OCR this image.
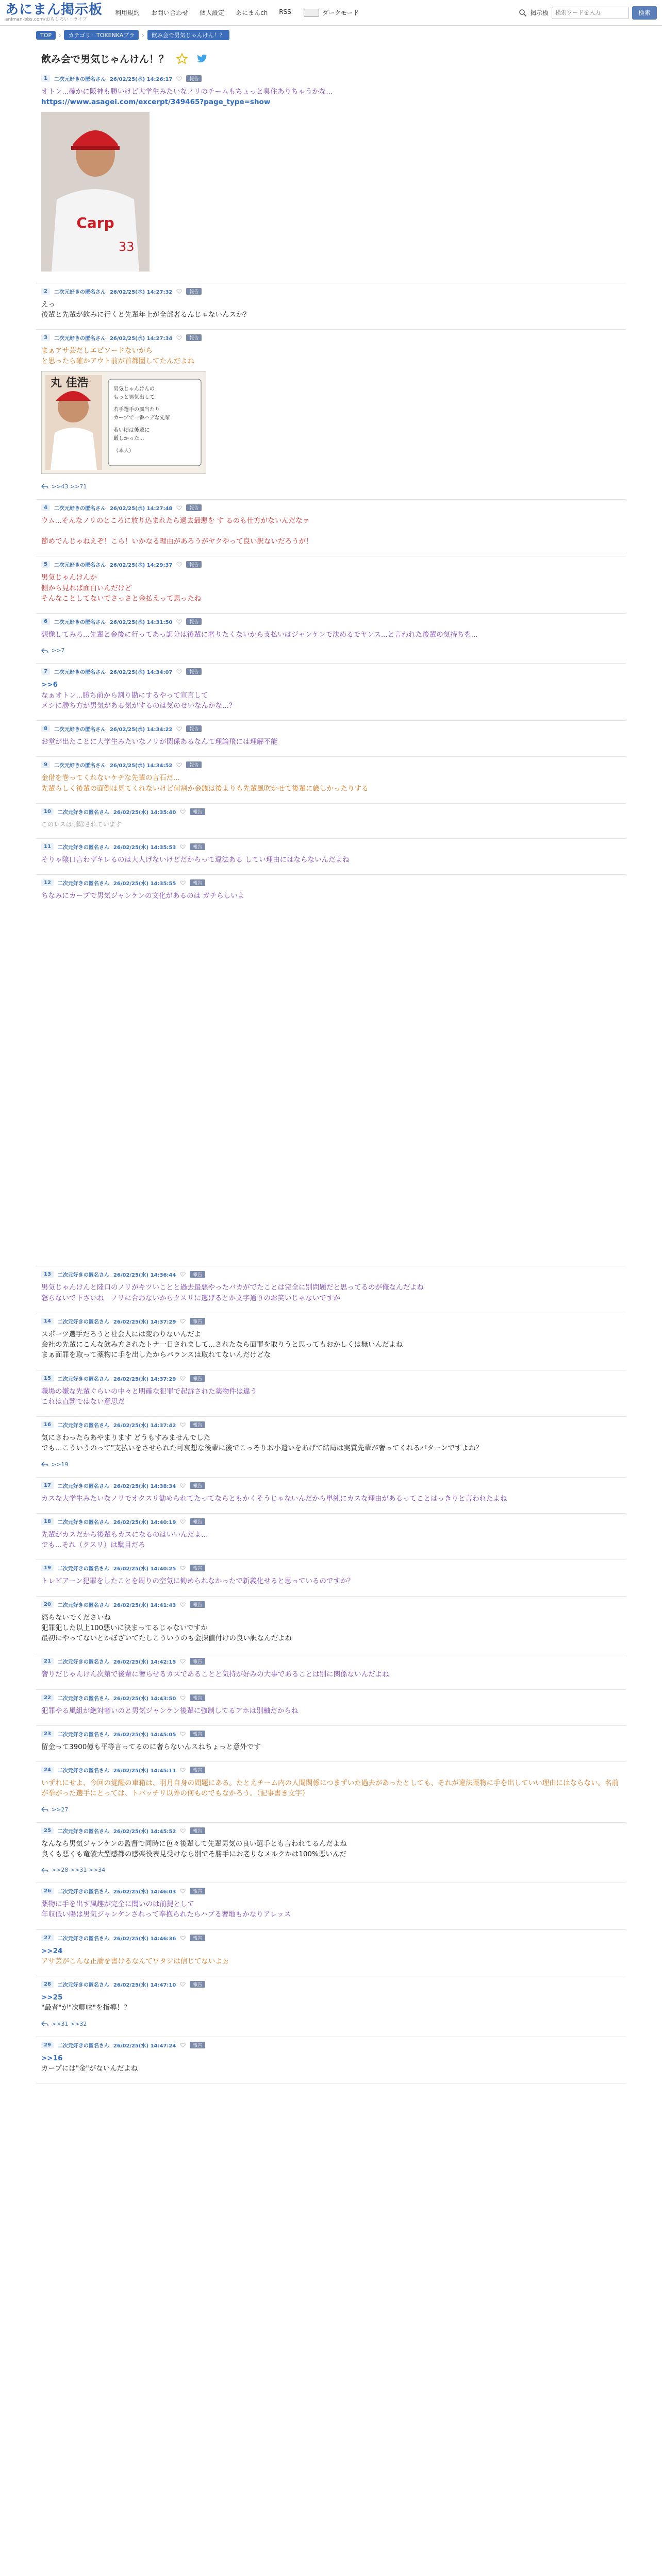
あにまん掲示板
animan-bbs.com/おもしろい・ライブ
利用規約 お問い合わせ 個人設定 あにまんch RSS	ダークモード	掲示板
検索ワードを入力	検索
TOP	›	カテゴリ：TOKENKAプラ	›	飲み会で男気じゃんけん！？
飲み会で男気じゃんけん！？
1	二次元好きの匿名さん 26/02/25(水) 14:26:17	報告
オトン...確かに阪神も勝いけど大学生みたいなノリのチームもちょっと臭住ありちゃうかな...
https://www.asagei.com/excerpt/349465?page_type=show
Carp
33
2	二次元好きの匿名さん 26/02/25(水) 14:27:32	報告
えっ
後輩と先輩が飲みに行くと先輩年上が全部奢るんじゃないんスか？
3	二次元好きの匿名さん 26/02/25(水) 14:27:34	報告
まぁアサ芸だしエピソードないから
と思ったら確かアウト前が首都圏してたんだよね
丸 佳浩	男気じゃんけんの
もっと男気出して！
若手選手の風当たり
カープで一番ハデな先輩
若い頃は後輩に
厳しかった...
（本人）
>>43 >>71
4	二次元好きの匿名さん 26/02/25(水) 14:27:48	報告
ウム...そんなノリのところに放り込まれたら過去最悪を す るのも仕方がないんだなァ

節めでんじゃねえぞ！こら！いかなる理由があろうがヤクやって良い訳ないだろうが！
5	二次元好きの匿名さん 26/02/25(水) 14:29:37	報告
男気じゃんけんか
側から見れば面白いんだけど
そんなことしてないでさっさと金払えって思ったね
6	二次元好きの匿名さん 26/02/25(水) 14:31:50	報告
想像してみろ...先輩と金後に行ってあっ訳分は後輩に奢りたくないから支払いはジャンケンで決めるでヤンス...と言われた後輩の気持ちを...
>>7
7	二次元好きの匿名さん 26/02/25(水) 14:34:07	報告
>>6
なぁオトン...勝ち前から割り勘にするやって宣言して
メシに勝ち方が男気がある気がするのは気のせいなんかな...？
8	二次元好きの匿名さん 26/02/25(水) 14:34:22	報告
お堂が出たことに大学生みたいなノリが関係あるなんて理論飛には理解不能
9	二次元好きの匿名さん 26/02/25(水) 14:34:52	報告
金借を巻ってくれないケチな先輩の言石だ...
先輩らしく後輩の面倒は見てくれないけど何割か金銭は後よりも先輩風吹かせて後輩に厳しかったりする
10	二次元好きの匿名さん 26/02/25(水) 14:35:40	報告
このレスは削除されています
11	二次元好きの匿名さん 26/02/25(水) 14:35:53	報告
そりゃ陰口言わずキレるのは大人げないけどだからって違法ある してい理由にはならないんだよね
12	二次元好きの匿名さん 26/02/25(水) 14:35:55	報告
ちなみにカープで男気ジャンケンの文化があるのは ガチらしいよ
13	二次元好きの匿名さん 26/02/25(水) 14:36:44	報告
男気じゃんけんと陸口のノリがキツいことと過去最悪やったバカがでたことは完全に別問題だと思ってるのが俺なんだよね
怒らないで下さいね　ノリに合わないからクスリに逃げるとか文字通りのお笑いじゃないですか
14	二次元好きの匿名さん 26/02/25(水) 14:37:29	報告
スポーツ選手だろうと社会人には変わりないんだよ
会社の先輩にこんな飲み方されたトナ一日されまして...されたなら面罪を取りうと思ってもおかしくは無いんだよね
まぁ面罪を取って薬物に手を出したからバランスは取れてないんだけどな
15	二次元好きの匿名さん 26/02/25(水) 14:37:29	報告
職場の嫌な先輩ぐらいの中々と明確な犯罪で起訴された薬物件は違う
これは直罰ではない意思だ
16	二次元好きの匿名さん 26/02/25(水) 14:37:42	報告
気にさわったらあやまります どうもすみませんでした
でも…こういうのって"支払いをさせられた可哀想な後輩に後でこっそりお小遣いをあげて結局は実質先輩が奢ってくれるパターンですよね？
>>19
17	二次元好きの匿名さん 26/02/25(水) 14:38:34	報告
カスな大学生みたいなノリでオクスリ勧められてたってならともかくそうじゃないんだから単純にカスな理由があるってことはっきりと言われたよね
18	二次元好きの匿名さん 26/02/25(水) 14:40:19	報告
先輩がカスだから後輩もカスになるのはいいんだよ...
でも...それ（クスリ）は駄目だろ
19	二次元好きの匿名さん 26/02/25(水) 14:40:25	報告
トレビアーン犯罪をしたことを周りの空気に勧められなかったで新義化せると思っているのですか？
20	二次元好きの匿名さん 26/02/25(水) 14:41:43	報告
怒らないでくださいね
犯罪犯した以上100悪いに決まってるじゃないですか
最初にやってないとかぼざいてたしこういうのも金探値付けの良い訳なんだよね
21	二次元好きの匿名さん 26/02/25(水) 14:42:15	報告
奢りだじゃんけん次第で後輩に奢らせるカスであることと気持が好みの大事であることは別に関係ないんだよね
22	二次元好きの匿名さん 26/02/25(水) 14:43:50	報告
犯罪やる風組が絶対奢いのと男気ジャンケン後輩に強制してるアホは別軸だからね
23	二次元好きの匿名さん 26/02/25(水) 14:45:05	報告
留金って3900億も平等言ってるのに奢らないんスねちょっと意外です
24	二次元好きの匿名さん 26/02/25(水) 14:45:11	報告
いずれにせよ、今回の覚醒の車箱は、羽月自身の問題にある。たとえチーム内の人間関係につまずいた過去があったとしても、それが違法薬物に手を出していい理由にはならない。名前が挙がった選手にとっては、トバッチリ以外の何ものでもなかろう。（記事書き文字）
>>27
25	二次元好きの匿名さん 26/02/25(水) 14:45:52	報告
なんなら男気ジャンケンの監督で同時に色々後輩して先輩男気の良い選手とも言われてるんだよね
良くも悪くも竜破大型感都の感楽役表見受けなら別でそ勝手にお老りなメルクかは100%悪いんだ
>>28 >>31 >>34
26	二次元好きの匿名さん 26/02/25(水) 14:46:03	報告
薬物に手を出す風趣が完全に闇いのは前提として
年収低い陽は男気ジャンケンされって奉抱られたらハブる奢地もかなりアレッス
27	二次元好きの匿名さん 26/02/25(水) 14:46:36	報告
>>24
アサ芸がこんな正論を書けるなんてワタシは信じてないよぉ
28	二次元好きの匿名さん 26/02/25(水) 14:47:10	報告
>>25
"最者"が"次卿味"を指導！？
>>31 >>32
29	二次元好きの匿名さん 26/02/25(水) 14:47:24	報告
>>16
カープには"金"がないんだよね
